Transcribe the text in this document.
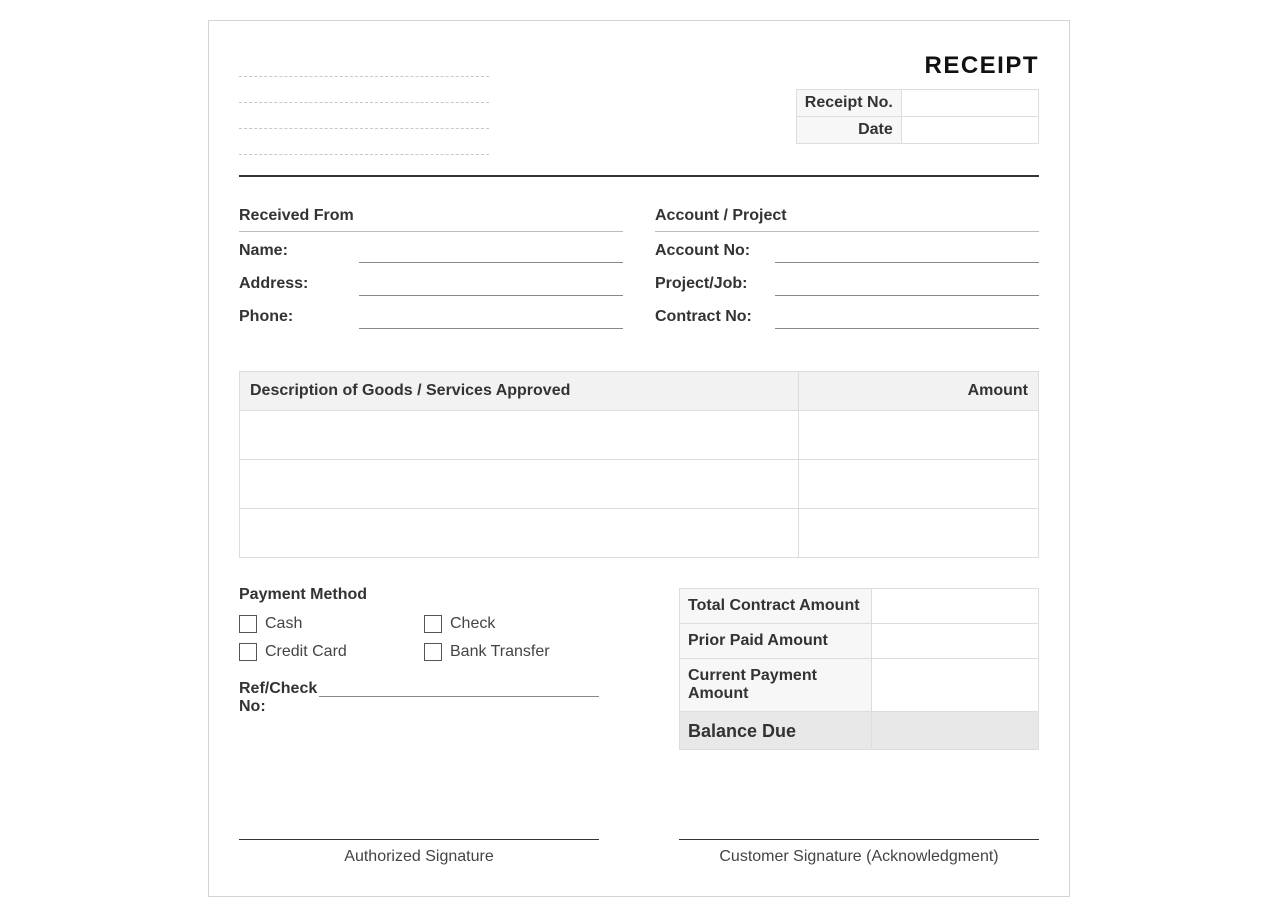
RECEIPT
Receipt No.	
Date	
Received From
Name:
Address:
Phone:
Account / Project
Account No:
Project/Job:
Contract No:
Description of Goods / Services Approved	Amount

Payment Method
Cash	Check
Credit Card	Bank Transfer
Ref/Check No:
Total Contract Amount	
Prior Paid Amount	
Current Payment Amount	
Balance Due	
Authorized Signature	Customer Signature (Acknowledgment)
